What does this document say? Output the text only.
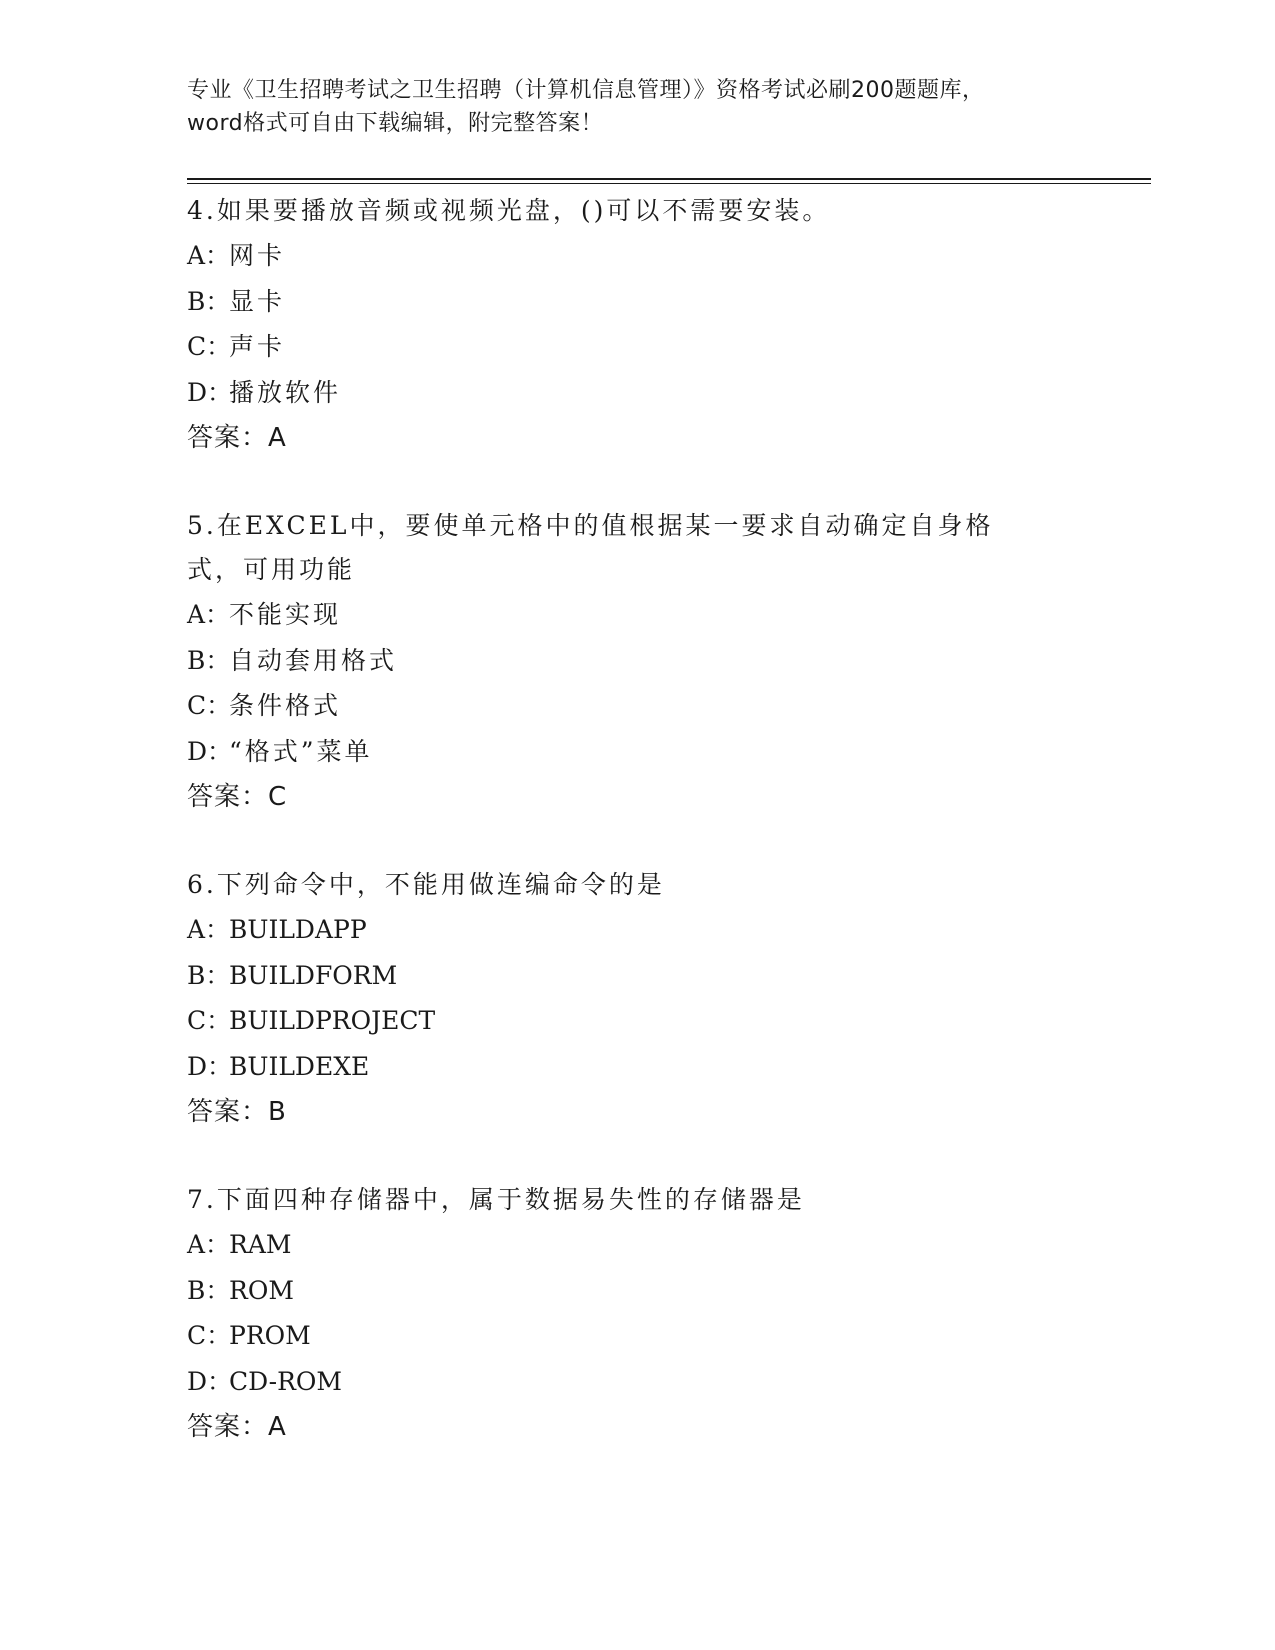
专业《卫生招聘考试之卫生招聘（计算机信息管理）》资格考试必刷200题题库，
word格式可自由下载编辑，附完整答案！
4.如果要播放音频或视频光盘，()可以不需要安装。
A：网卡
B：显卡
C：声卡
D：播放软件
答案：A
5.在EXCEL中，要使单元格中的值根据某一要求自动确定自身格式，可用功能
A：不能实现
B：自动套用格式
C：条件格式
D：“格式”菜单
答案：C
6.下列命令中，不能用做连编命令的是
A：BUILDAPP
B：BUILDFORM
C：BUILDPROJECT
D：BUILDEXE
答案：B
7.下面四种存储器中，属于数据易失性的存储器是
A：RAM
B：ROM
C：PROM
D：CD-ROM
答案：A
